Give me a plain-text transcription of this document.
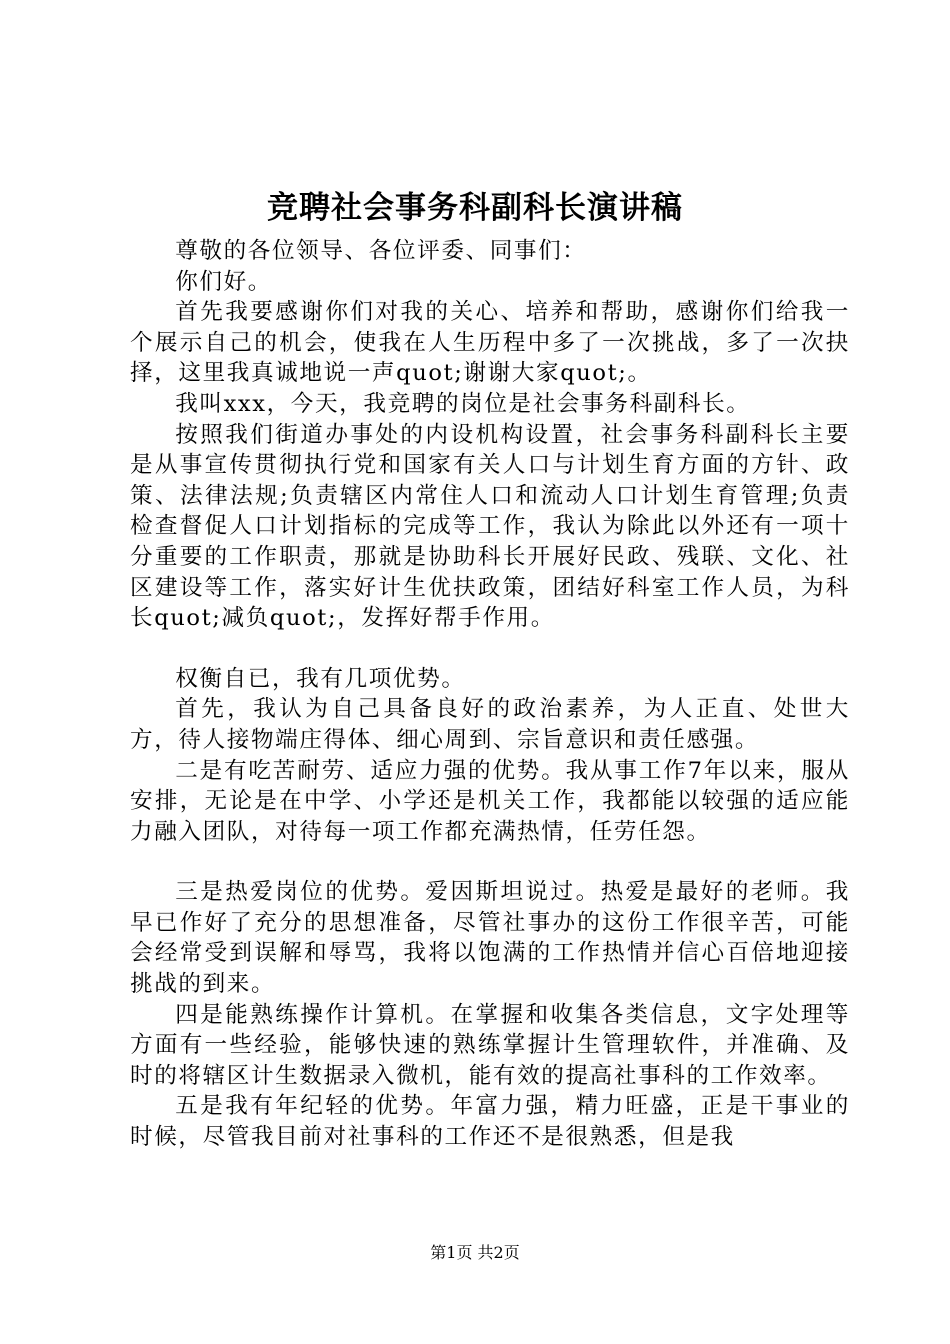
竞聘社会事务科副科长演讲稿

尊敬的各位领导、各位评委、同事们：

你们好。

首先我要感谢你们对我的关心、培养和帮助，感谢你们给我一个展示自己的机会，使我在人生历程中多了一次挑战，多了一次抉择，这里我真诚地说一声quot;谢谢大家quot;。

我叫xxx，今天，我竞聘的岗位是社会事务科副科长。

按照我们街道办事处的内设机构设置，社会事务科副科长主要是从事宣传贯彻执行党和国家有关人口与计划生育方面的方针、政策、法律法规;负责辖区内常住人口和流动人口计划生育管理;负责检查督促人口计划指标的完成等工作，我认为除此以外还有一项十分重要的工作职责，那就是协助科长开展好民政、残联、文化、社区建设等工作，落实好计生优扶政策，团结好科室工作人员，为科长quot;减负quot;，发挥好帮手作用。

权衡自已，我有几项优势。

首先，我认为自己具备良好的政治素养，为人正直、处世大方，待人接物端庄得体、细心周到、宗旨意识和责任感强。

二是有吃苦耐劳、适应力强的优势。我从事工作7年以来，服从安排，无论是在中学、小学还是机关工作，我都能以较强的适应能力融入团队，对待每一项工作都充满热情，任劳任怨。

三是热爱岗位的优势。爱因斯坦说过。热爱是最好的老师。我早已作好了充分的思想准备，尽管社事办的这份工作很辛苦，可能会经常受到误解和辱骂，我将以饱满的工作热情并信心百倍地迎接挑战的到来。

四是能熟练操作计算机。在掌握和收集各类信息，文字处理等方面有一些经验，能够快速的熟练掌握计生管理软件，并准确、及时的将辖区计生数据录入微机，能有效的提高社事科的工作效率。

五是我有年纪轻的优势。年富力强，精力旺盛，正是干事业的时候，尽管我目前对社事科的工作还不是很熟悉，但是我

第1页 共2页
